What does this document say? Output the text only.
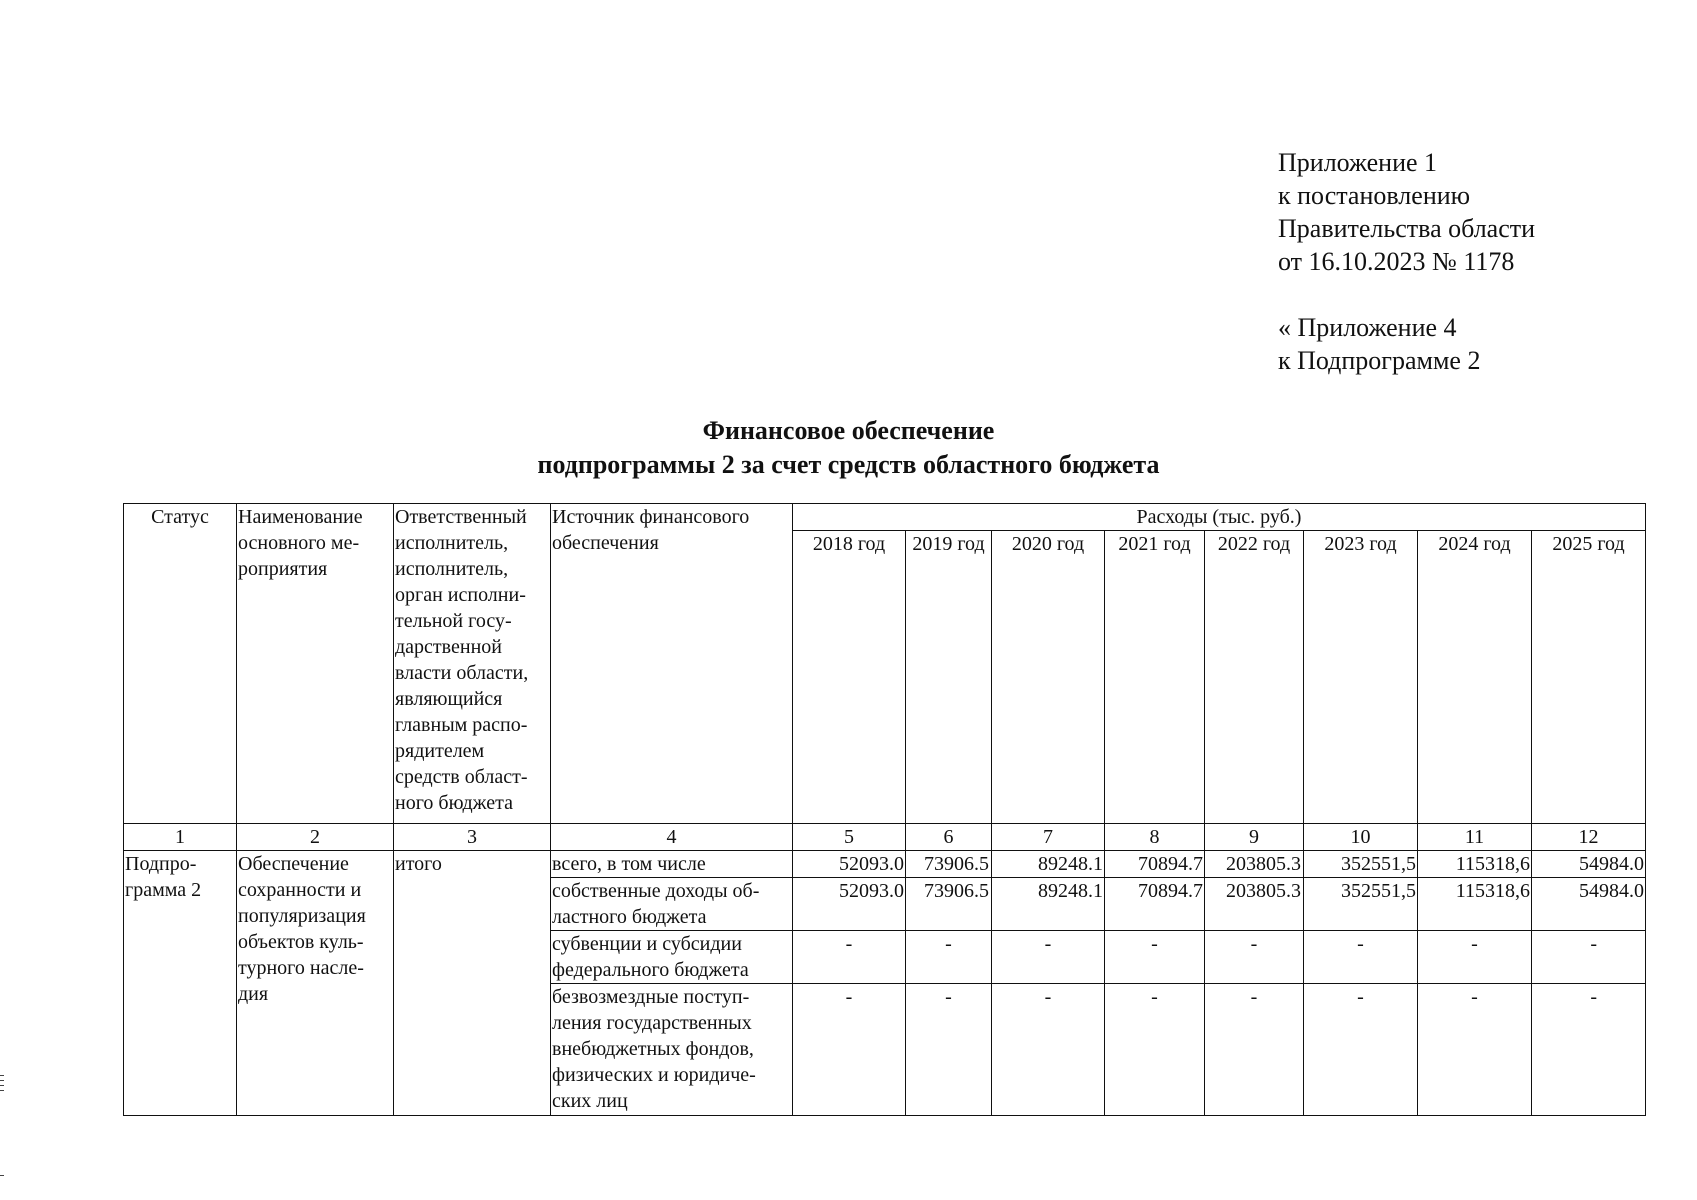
Приложение 1
к постановлению
Правительства области
от 16.10.2023 № 1178
« Приложение 4
к Подпрограмме 2
Финансовое обеспечение
подпрограммы 2 за счет средств областного бюджета
Статус	Наименование основного ме-роприятия	Ответственный исполнитель, исполнитель, орган исполни-тельной госу-дарственной власти области, являющийся главным распо-рядителем средств област-ного бюджета	Источник финансового обеспечения	Расходы (тыс. руб.)							
				2018 год	2019 год	2020 год	2021 год	2022 год	2023 год	2024 год	2025 год
1	2	3	4	5	6	7	8	9	10	11	12
Подпро-грамма 2	Обеспечение сохранности и популяризация объектов куль-турного насле-дия	итого	всего, в том числе	52093.0	73906.5	89248.1	70894.7	203805.3	352551,5	115318,6	54984.0
			собственные доходы об-ластного бюджета	52093.0	73906.5	89248.1	70894.7	203805.3	352551,5	115318,6	54984.0
			субвенции и субсидии федерального бюджета	-	-	-	-	-	-	-	-
			безвозмездные поступ-ления государственных внебюджетных фондов, физических и юридиче-ских лиц	-	-	-	-	-	-	-	-
